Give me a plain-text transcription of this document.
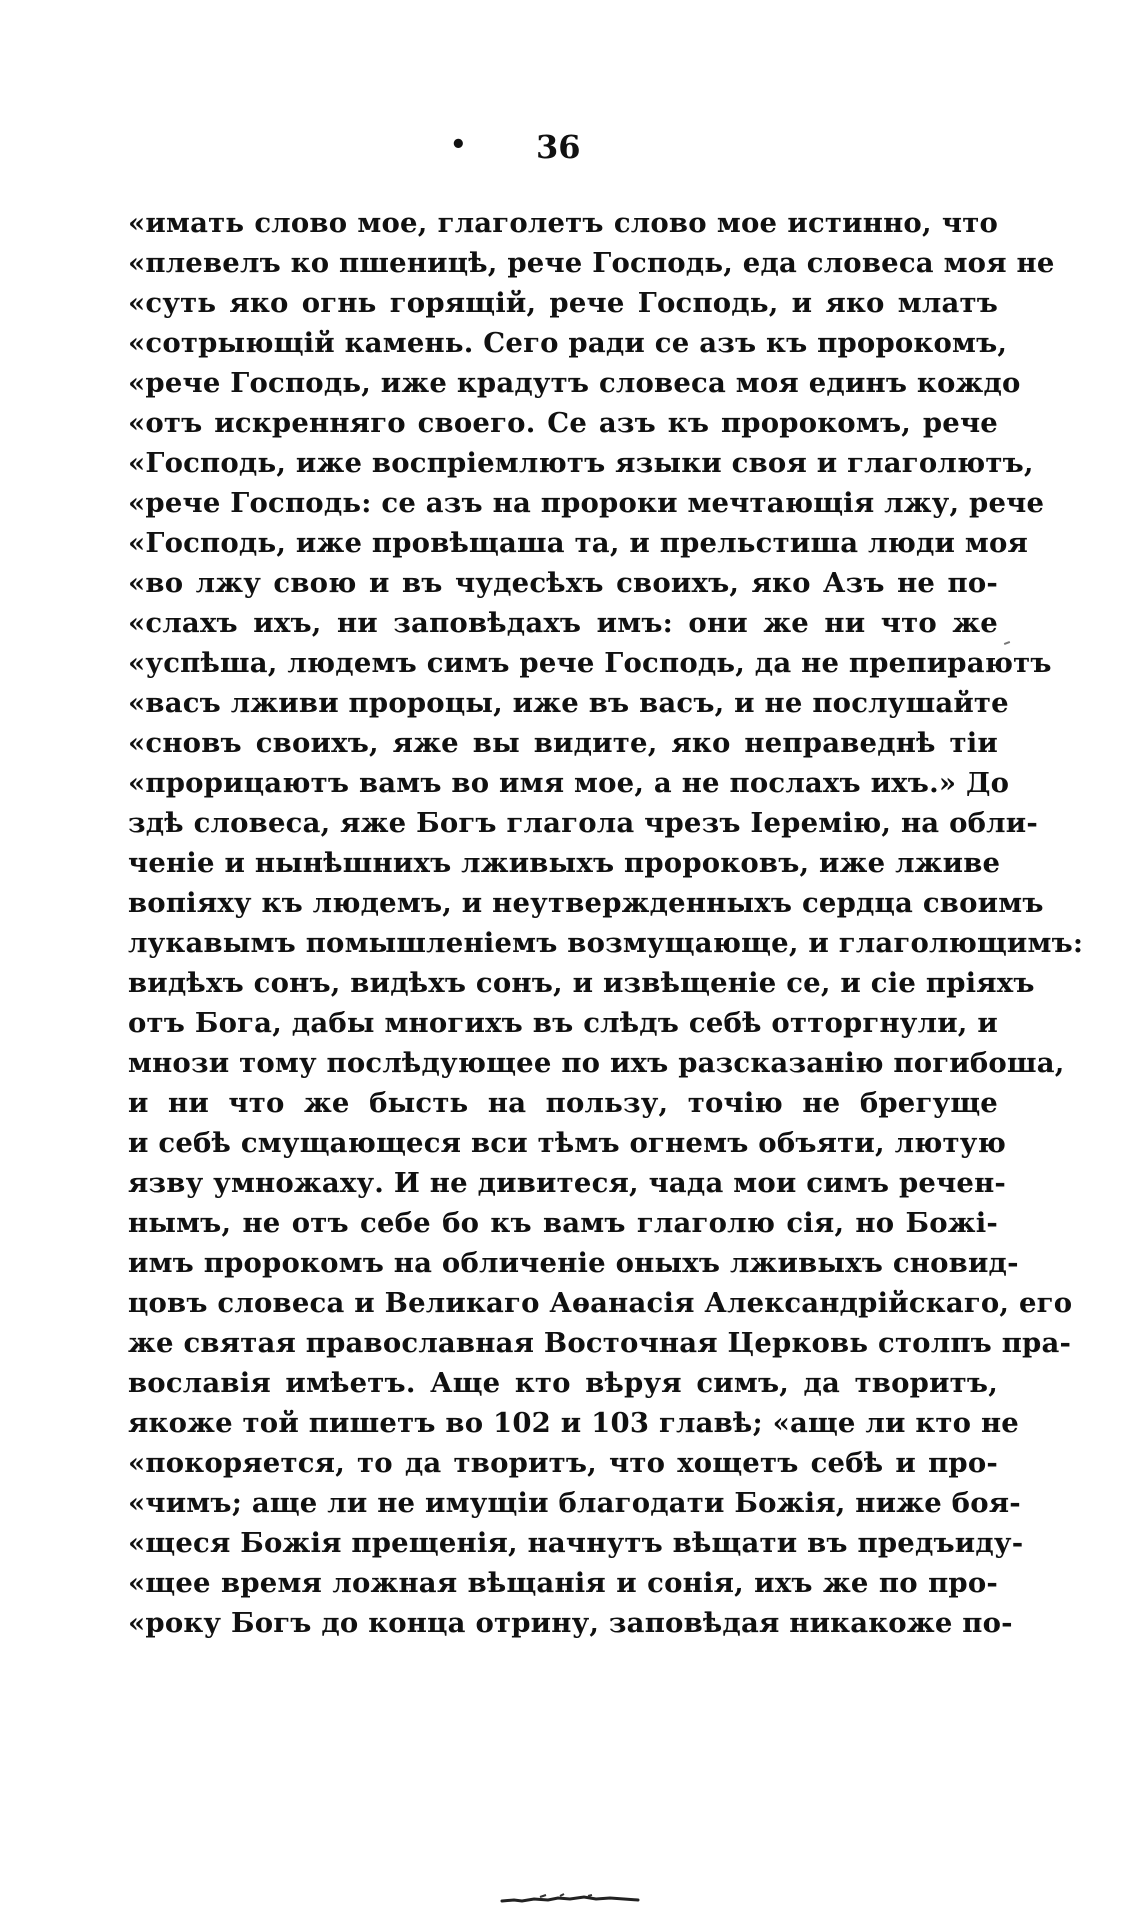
• 36
«имать слово мое, глаголетъ слово мое истинно, что
«плевелъ ко пшеницѣ, рече Господь, еда словеса моя не
«суть яко огнь горящій, рече Господь, и яко млатъ
«сотрыющій камень. Сего ради се азъ къ пророкомъ,
«рече Господь, иже крадутъ словеса моя единъ кождо
«отъ искренняго своего. Се азъ къ пророкомъ, рече
«Господь, иже воспріемлютъ языки своя и глаголютъ,
«рече Господь: се азъ на пророки мечтающія лжу, рече
«Господь, иже провѣщаша та, и прельстиша люди моя
«во лжу свою и въ чудесѣхъ своихъ, яко Азъ не по-
«слахъ ихъ, ни заповѣдахъ имъ: они же ни что же
«успѣша, людемъ симъ рече Господь, да не препираютъ
«васъ лживи пророцы, иже въ васъ, и не послушайте
«сновъ своихъ, яже вы видите, яко неправеднѣ тіи
«прорицаютъ вамъ во имя мое, а не послахъ ихъ.» До
здѣ словеса, яже Богъ глагола чрезъ Іеремію, на обли-
ченіе и нынѣшнихъ лживыхъ пророковъ, иже лживе
вопіяху къ людемъ, и неутвержденныхъ сердца своимъ
лукавымъ помышленіемъ возмущающе, и глаголющимъ:
видѣхъ сонъ, видѣхъ сонъ, и извѣщеніе се, и сіе пріяхъ
отъ Бога, дабы многихъ въ слѣдъ себѣ отторгнули, и
мнози тому послѣдующее по ихъ разсказанію погибоша,
и ни что же бысть на пользу, точію не брегуще
и себѣ смущающеся вси тѣмъ огнемъ объяти, лютую
язву умножаху. И не дивитеся, чада мои симъ речен-
нымъ, не отъ себе бо къ вамъ глаголю сія, но Божі-
имъ пророкомъ на обличеніе оныхъ лживыхъ сновид-
цовъ словеса и Великаго Аѳанасія Александрійскаго, его
же святая православная Восточная Церковь столпъ пра-
вославія имѣетъ. Аще кто вѣруя симъ, да творитъ,
якоже той пишетъ во 102 и 103 главѣ; «аще ли кто не
«покоряется, то да творитъ, что хощетъ себѣ и про-
«чимъ; аще ли не имущіи благодати Божія, ниже боя-
«щеся Божія прещенія, начнутъ вѣщати въ предъиду-
«щее время ложная вѣщанія и сонія, ихъ же по про-
«року Богъ до конца отрину, заповѣдая никакоже по-
